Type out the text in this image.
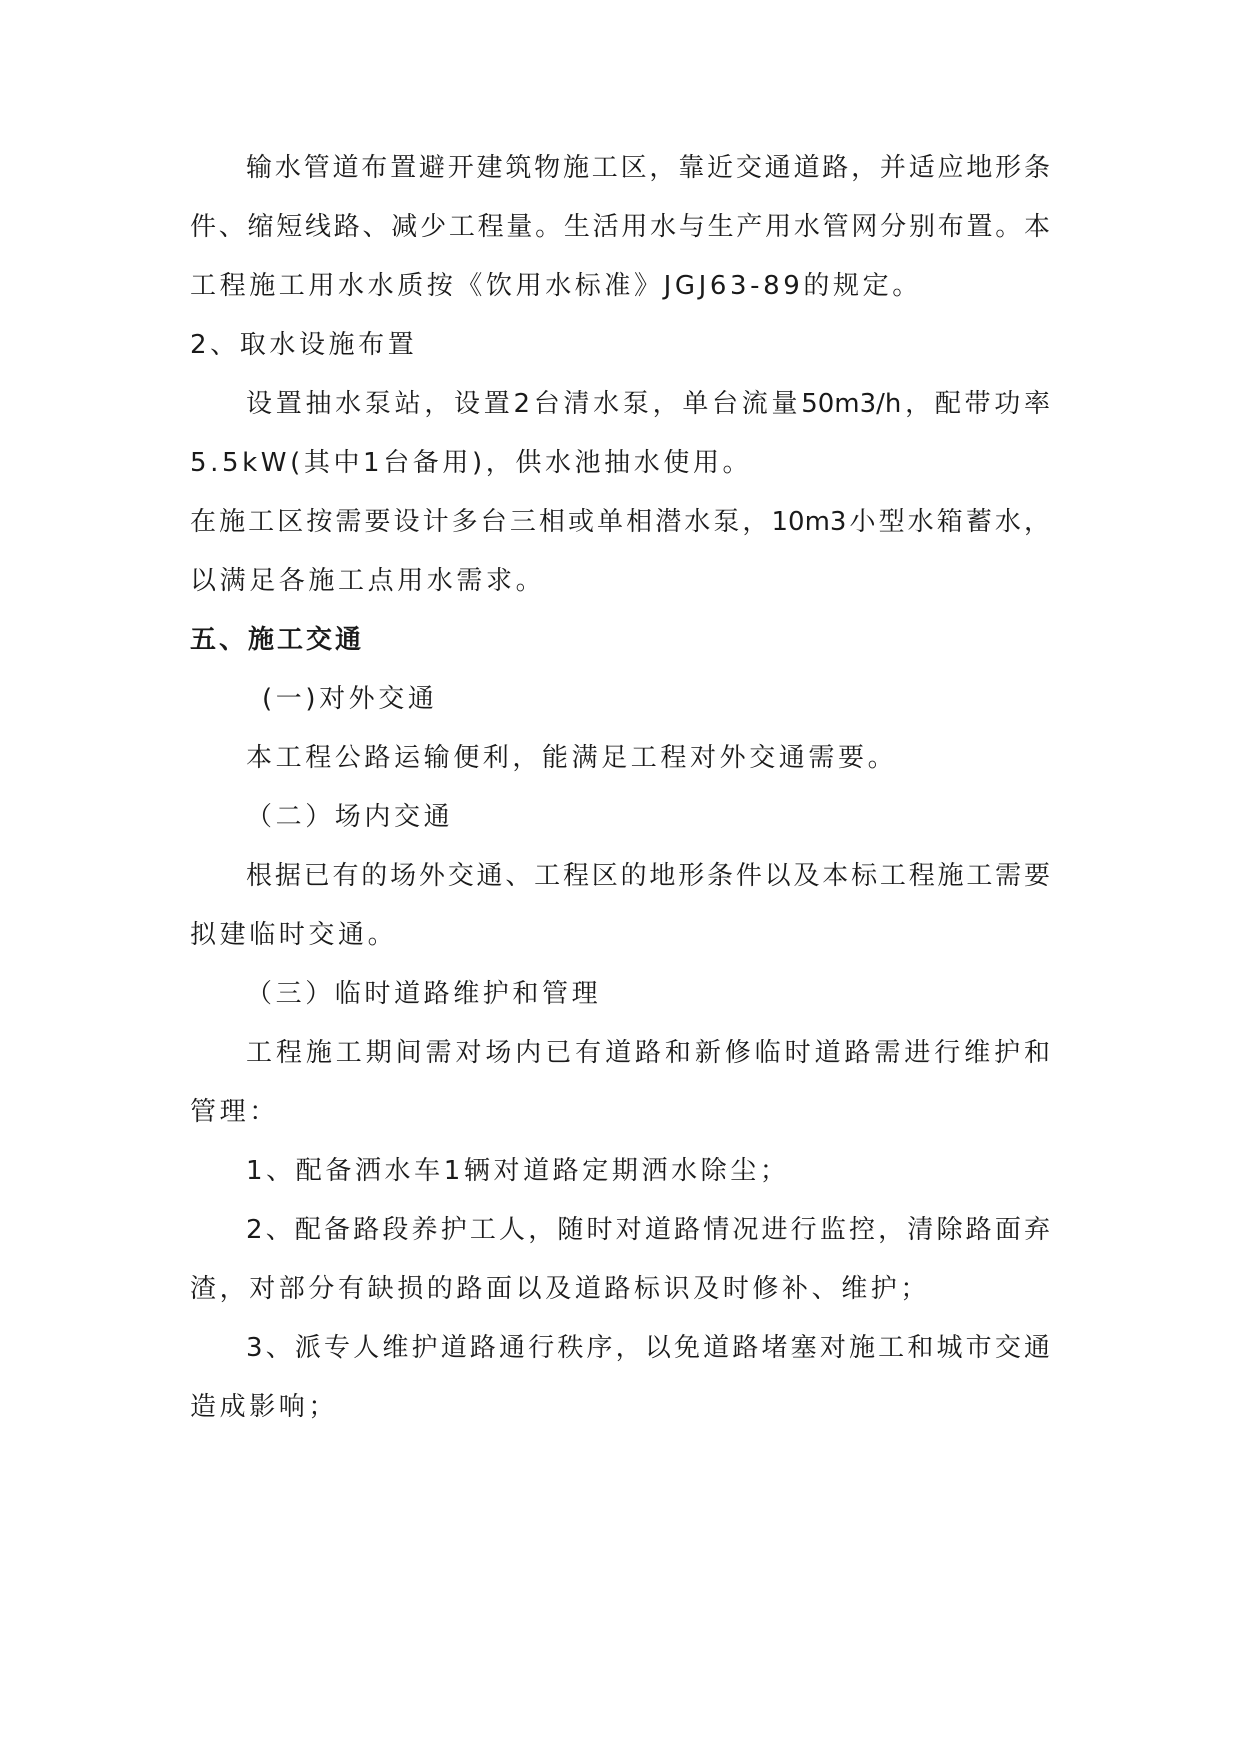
输水管道布置避开建筑物施工区，靠近交通道路，并适应地形条
件、缩短线路、减少工程量。生活用水与生产用水管网分别布置。本
工程施工用水水质按《饮用水标准》JGJ63-89的规定。
2、取水设施布置
设置抽水泵站，设置2台清水泵，单台流量50m3/h，配带功率
5.5kW(其中1台备用)，供水池抽水使用。
在施工区按需要设计多台三相或单相潜水泵，10m3小型水箱蓄水，
以满足各施工点用水需求。
五、施工交通
(一)对外交通
本工程公路运输便利，能满足工程对外交通需要。
（二）场内交通
根据已有的场外交通、工程区的地形条件以及本标工程施工需要
拟建临时交通。
（三）临时道路维护和管理
工程施工期间需对场内已有道路和新修临时道路需进行维护和
管理：
1、配备洒水车1辆对道路定期洒水除尘；
2、配备路段养护工人，随时对道路情况进行监控，清除路面弃
渣，对部分有缺损的路面以及道路标识及时修补、维护；
3、派专人维护道路通行秩序，以免道路堵塞对施工和城市交通
造成影响；
